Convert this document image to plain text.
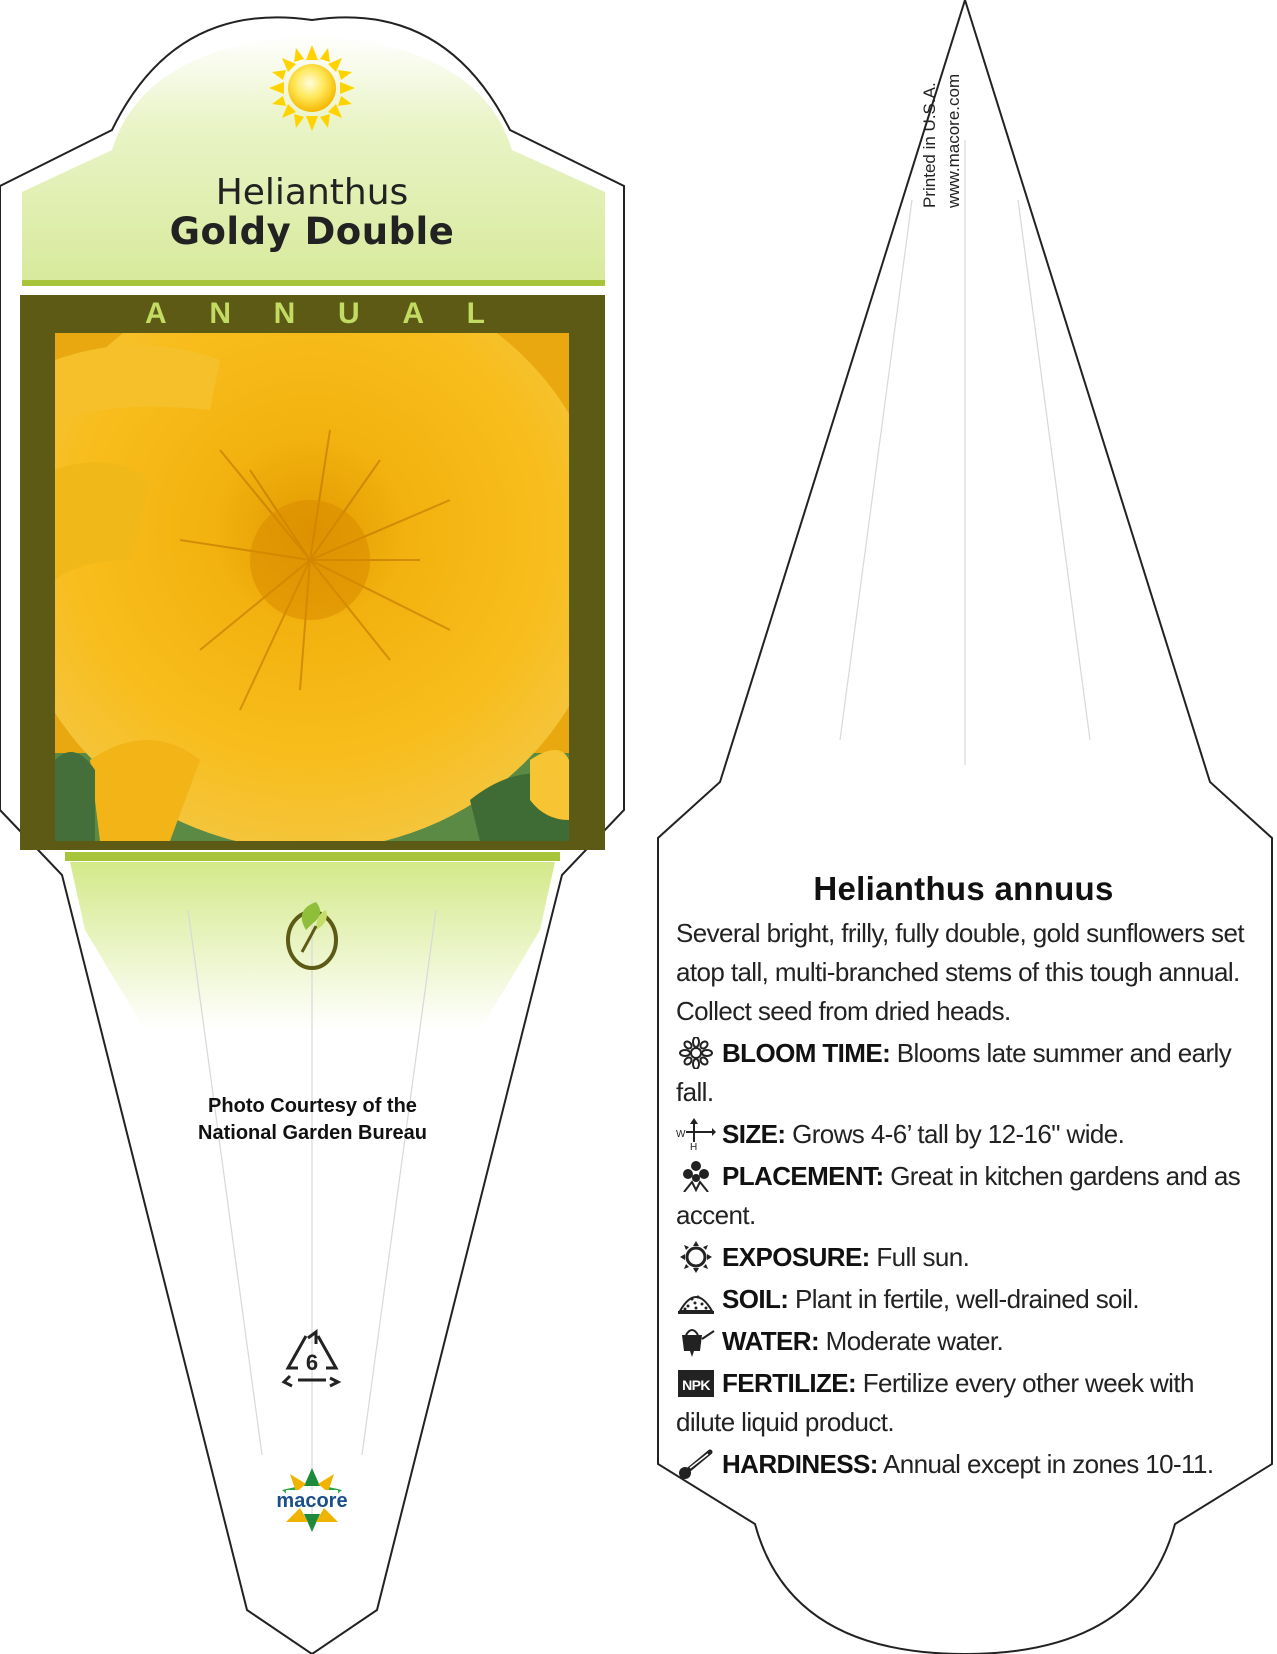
Helianthus
Goldy Double
A N N U A L
Photo Courtesy of the
National Garden Bureau
6
macore
Printed in U.S.A. www.macore.com
Helianthus annuus
Several bright, frilly, fully double, gold sunflowers set atop tall, multi-branched stems of this tough annual. Collect seed from dried heads.
BLOOM TIME: Blooms late summer and early fall.
W
H SIZE: Grows 4-6’ tall by 12-16" wide.
PLACEMENT: Great in kitchen gardens and as accent.
EXPOSURE: Full sun.
SOIL: Plant in fertile, well-drained soil.
WATER: Moderate water.
NPK FERTILIZE: Fertilize every other week with dilute liquid product.
HARDINESS: Annual except in zones 10-11.
